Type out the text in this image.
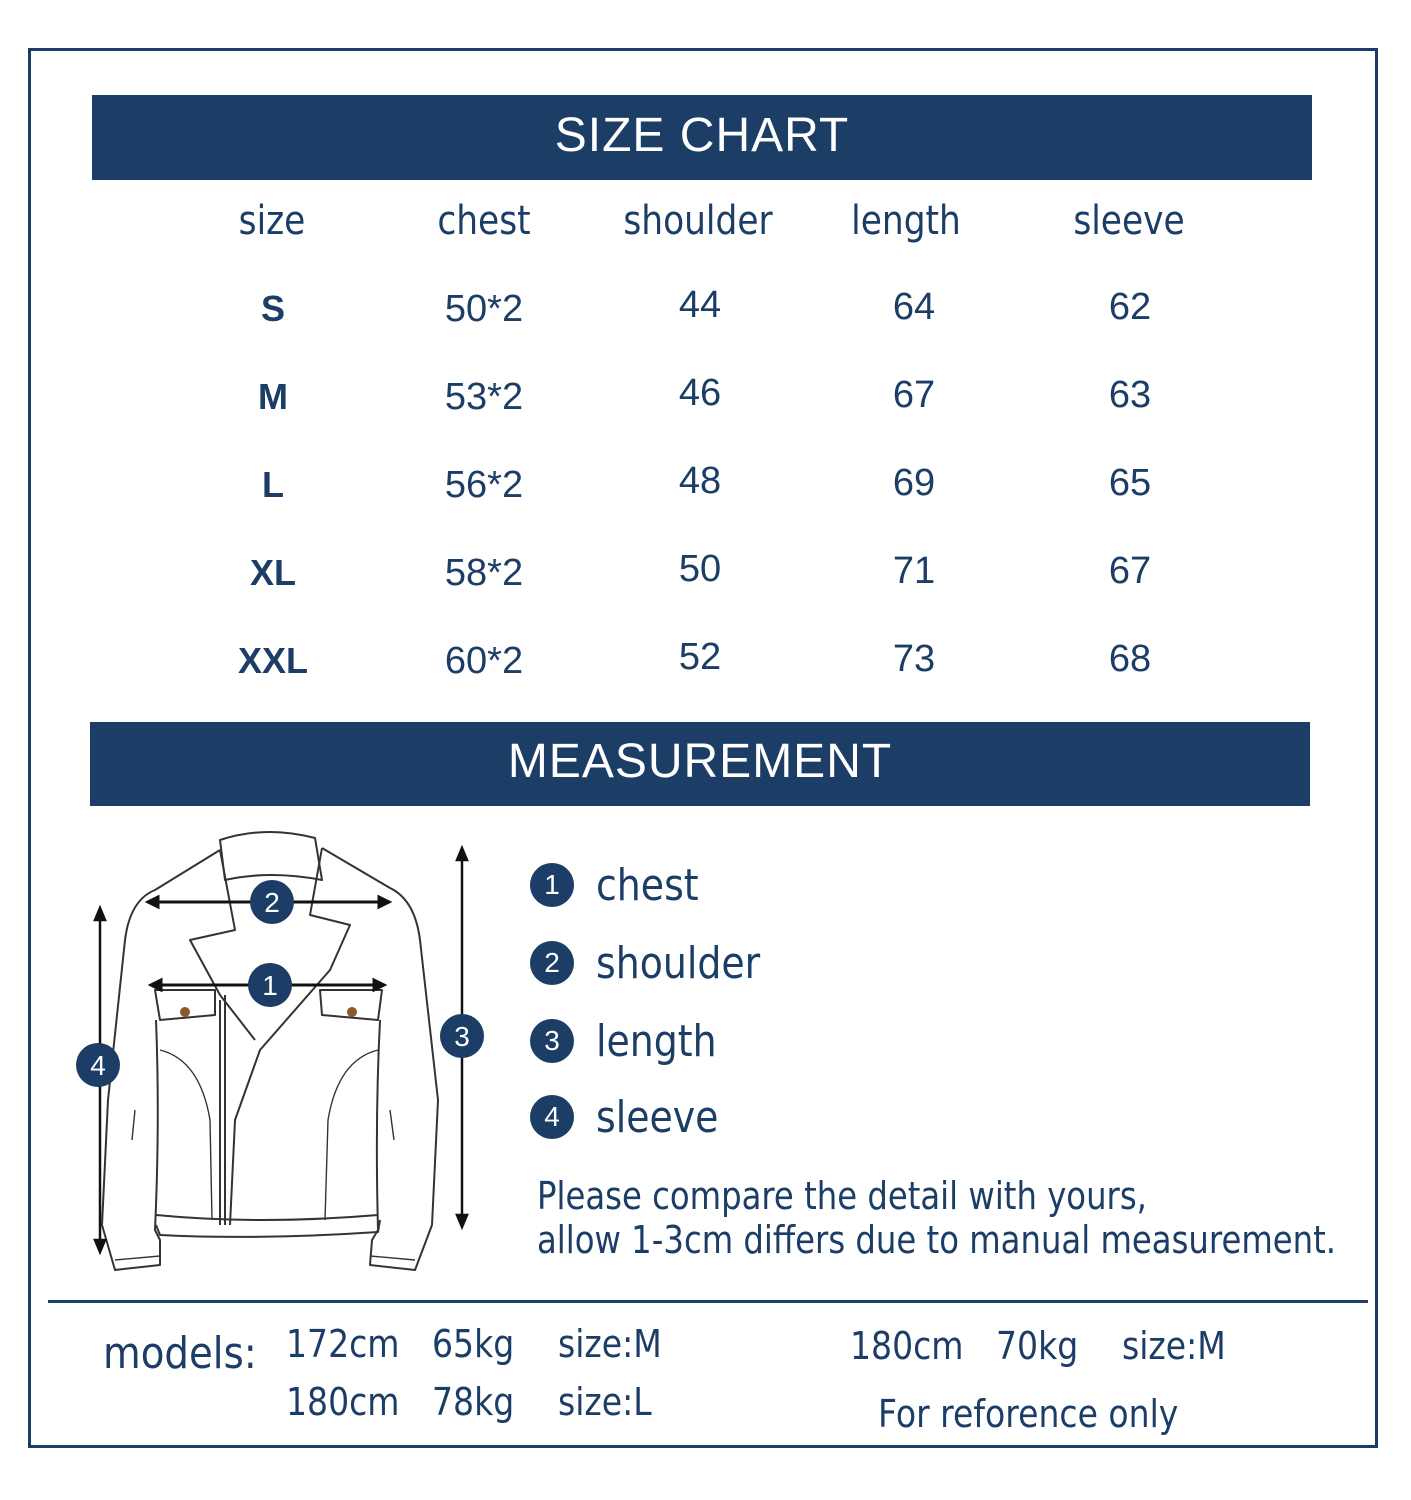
SIZE CHART
size	chest	shoulder	length	sleeve
S	50*2	44	64	62
M	53*2	46	67	63
L	56*2	48	69	65
XL	58*2	50	71	67
XXL	60*2	52	73	68
MEASUREMENT
2
1
3
4
1 chest
2 shoulder
3 length
4 sleeve
Please compare the detail with yours,
allow 1-3cm differs due to manual measurement.
models: 172cm 65kg size:M
180cm 78kg size:L
180cm 70kg size:M
For reforence only
